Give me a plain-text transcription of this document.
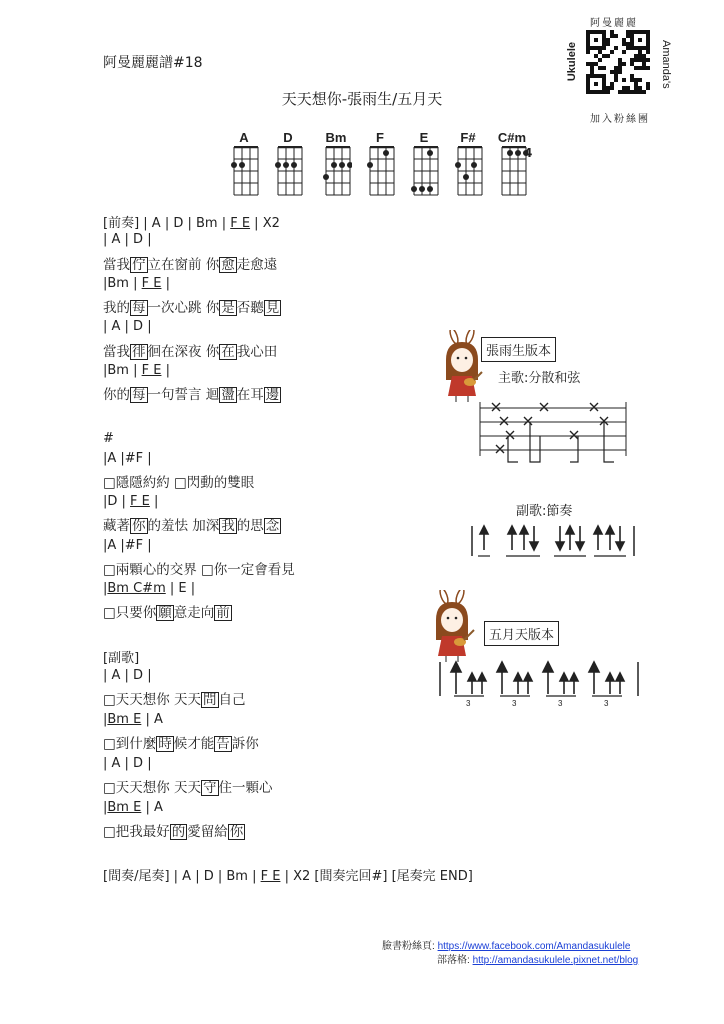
阿曼麗麗譜#18
天天想你-張雨生/五月天
阿曼麗麗
Ukulele	Amanda's
加入粉絲團
A	D	Bm	F	E	F#	C#m
4
[前奏] | A | D | Bm | F E | X2
| A | D |
當我 佇 立在窗前 你 愈 走愈遠
|Bm | F E |
我的 每 一次心跳 你 是 否聽 見
| A | D |
當我 徘 徊在深夜 你 在 我心田
|Bm | F E |
你的 每 一句誓言 迴 盪 在耳 邊
#
|A |#F |
□隱隱約約 □閃動的雙眼
|D | F E |
藏著 你 的羞怯 加深 我 的思 念
|A |#F |
□兩顆心的交界 □你一定會看見
|Bm C#m | E |
□只要你 願 意走向 前
[副歌]
| A | D |
□天天想你 天天 問 自己
|Bm E | A
□到什麼 時 候才能 告 訴你
| A | D |
□天天想你 天天 守 住一顆心
|Bm E | A
□把我最好 的 愛留給 你
[間奏/尾奏] | A | D | Bm | F E | X2 [間奏完回#] [尾奏完 END]
張雨生版本
主歌:分散和弦
副歌:節奏
五月天版本
3	3	3	3
臉書粉絲頁: https://www.facebook.com/Amandasukulele
部落格: http://amandasukulele.pixnet.net/blog
